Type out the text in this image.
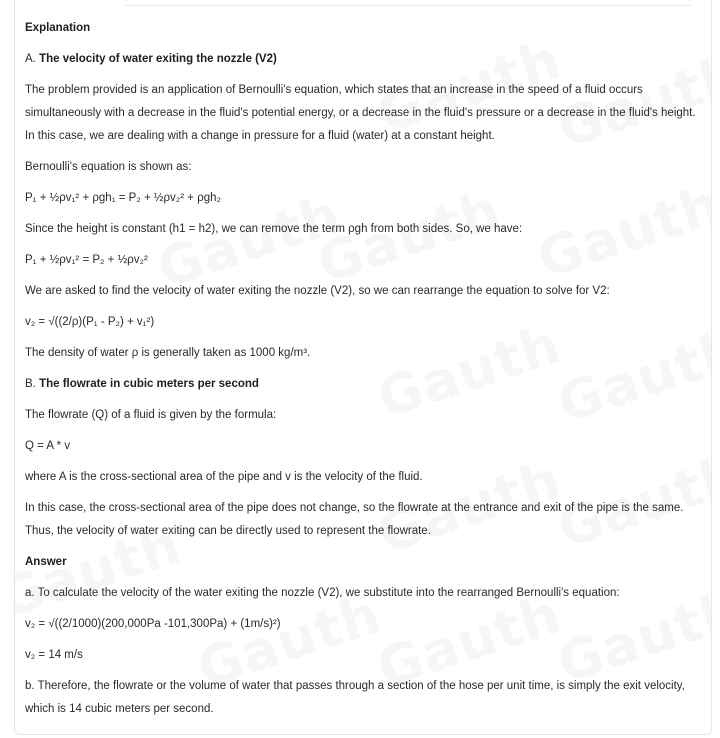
Explanation
A. The velocity of water exiting the nozzle (V2)
The problem provided is an application of Bernoulli's equation, which states that an increase in the speed of a fluid occurs simultaneously with a decrease in the fluid's potential energy, or a decrease in the fluid's pressure or a decrease in the fluid's height. In this case, we are dealing with a change in pressure for a fluid (water) at a constant height.
Bernoulli's equation is shown as:
P₁ + ½ρv₁² + ρgh₁ = P₂ + ½ρv₂² + ρgh₂
Since the height is constant (h1 = h2), we can remove the term ρgh from both sides. So, we have:
P₁ + ½ρv₁² = P₂ + ½ρv₂²
We are asked to find the velocity of water exiting the nozzle (V2), so we can rearrange the equation to solve for V2:
v₂ = √((2/ρ)(P₁ - P₂) + v₁²)
The density of water ρ is generally taken as 1000 kg/m³.
B. The flowrate in cubic meters per second
The flowrate (Q) of a fluid is given by the formula:
Q = A * v
where A is the cross-sectional area of the pipe and v is the velocity of the fluid.
In this case, the cross-sectional area of the pipe does not change, so the flowrate at the entrance and exit of the pipe is the same. Thus, the velocity of water exiting can be directly used to represent the flowrate.
Answer
a. To calculate the velocity of the water exiting the nozzle (V2), we substitute into the rearranged Bernoulli's equation:
v₂ = √((2/1000)(200,000Pa -101,300Pa) + (1m/s)²)
v₂ = 14 m/s
b. Therefore, the flowrate or the volume of water that passes through a section of the hose per unit time, is simply the exit velocity, which is 14 cubic meters per second.
